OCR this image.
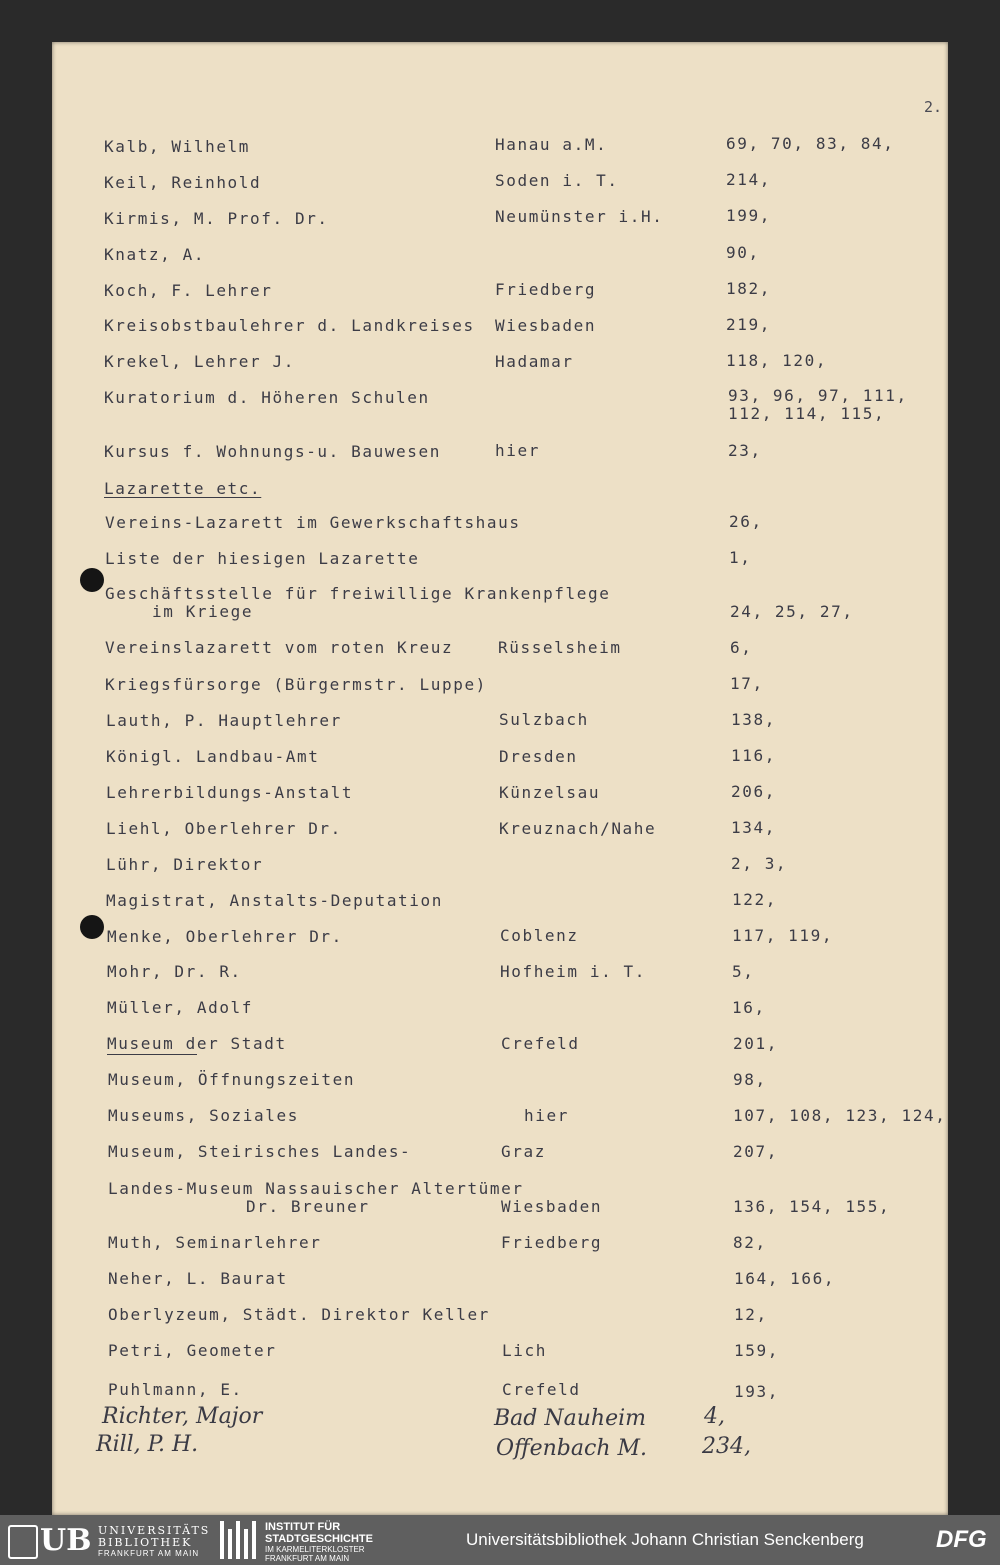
2.
Kalb, Wilhelm	Hanau a.M.	69, 70, 83, 84,
Keil, Reinhold	Soden i. T.	214,
Kirmis, M. Prof. Dr.	Neumünster i.H.	199,
Knatz, A.	90,
Koch, F. Lehrer	Friedberg	182,
Kreisobstbaulehrer d. Landkreises Wiesbaden	219,
Krekel, Lehrer J.	Hadamar	118, 120,
Kuratorium d. Höheren Schulen	93, 96, 97, 111,
112, 114, 115,
Kursus f. Wohnungs-u. Bauwesen	hier	23,
Lazarette etc.
Vereins-Lazarett im Gewerkschaftshaus	26,
Liste der hiesigen Lazarette	1,
Geschäftsstelle für freiwillige Krankenpflege
im Kriege	24, 25, 27,
Vereinslazarett vom roten Kreuz	Rüsselsheim	6,
Kriegsfürsorge (Bürgermstr. Luppe)	17,
Lauth, P. Hauptlehrer	Sulzbach	138,
Königl. Landbau-Amt	Dresden	116,
Lehrerbildungs-Anstalt	Künzelsau	206,
Liehl, Oberlehrer Dr.	Kreuznach/Nahe	134,
Lühr, Direktor	2, 3,
Magistrat, Anstalts-Deputation	122,
Menke, Oberlehrer Dr.	Coblenz	117, 119,
Mohr, Dr. R.	Hofheim i. T.	5,
Müller, Adolf	16,
Museum der Stadt	Crefeld	201,
Museum, Öffnungszeiten	98,
Museums, Soziales	hier	107, 108, 123, 124,
Museum, Steirisches Landes-	Graz	207,
Landes-Museum Nassauischer Altertümer
Dr. Breuner	Wiesbaden	136, 154, 155,
Muth, Seminarlehrer	Friedberg	82,
Neher, L. Baurat	164, 166,
Oberlyzeum, Städt. Direktor Keller	12,
Petri, Geometer	Lich	159,
Puhlmann, E.	Crefeld	193,
Richter, Major	Bad Nauheim	4,
Rill, P. H.	Offenbach M. 234,
UB UNIVERSITÄTS
BIBLIOTHEK
FRANKFURT AM MAIN
INSTITUT FÜR
STADTGESCHICHTE
IM KARMELITERKLOSTER
FRANKFURT AM MAIN
Universitätsbibliothek Johann Christian Senckenberg	DFG
